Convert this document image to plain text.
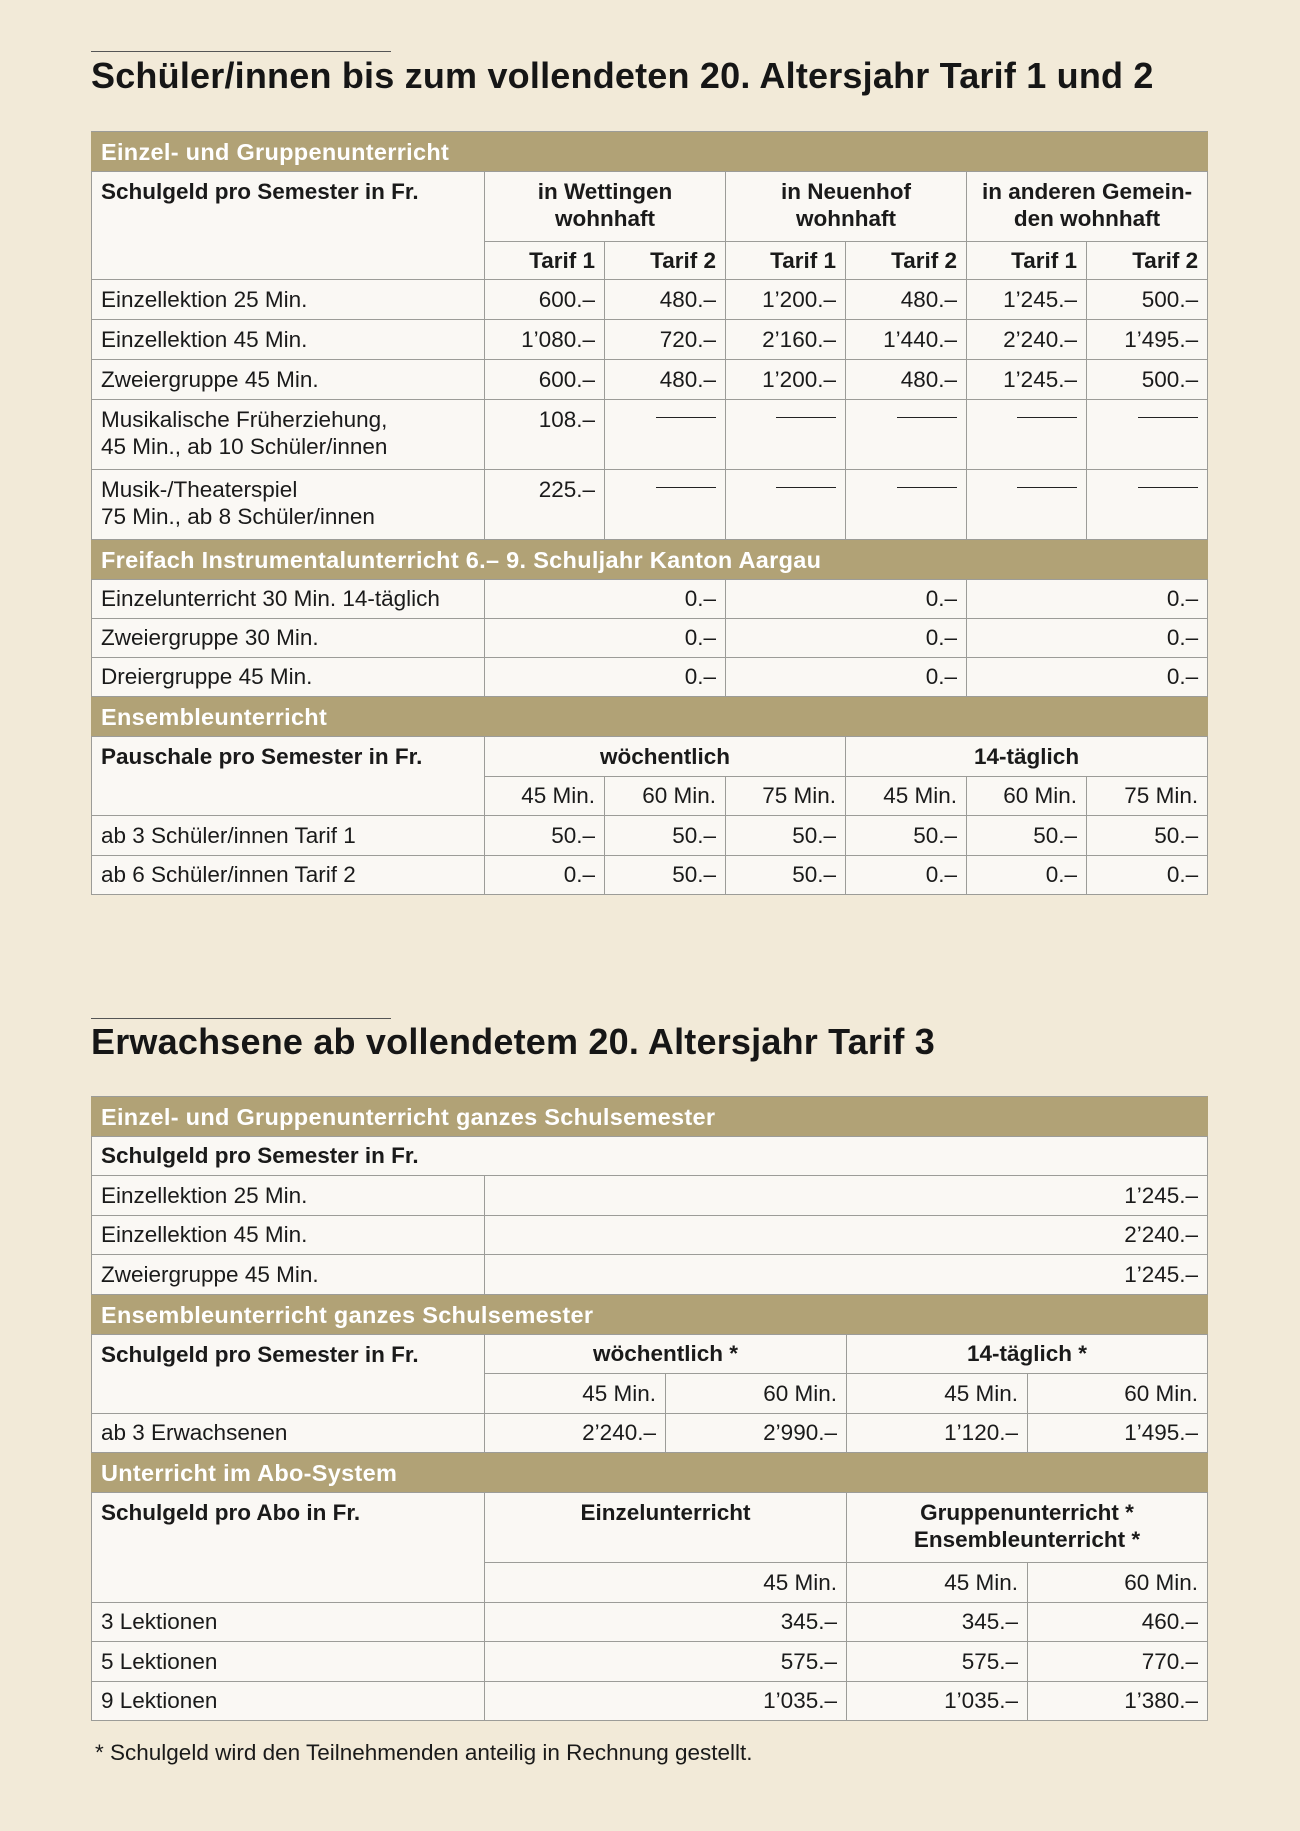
Schüler/innen bis zum vollendeten 20. Altersjahr Tarif 1 und 2
Einzel- und Gruppenunterricht						
Schulgeld pro Semester in Fr.	in Wettingen
wohnhaft		in Neuenhof
wohnhaft		in anderen Gemein-
den wohnhaft	
	Tarif 1	Tarif 2	Tarif 1	Tarif 2	Tarif 1	Tarif 2
Einzellektion 25 Min.	600.–	480.–	1’200.–	480.–	1’245.–	500.–
Einzellektion 45 Min.	1’080.–	720.–	2’160.–	1’440.–	2’240.–	1’495.–
Zweiergruppe 45 Min.	600.–	480.–	1’200.–	480.–	1’245.–	500.–
Musikalische Früherziehung,
45 Min., ab 10 Schüler/innen	108.–					
Musik-/Theaterspiel
75 Min., ab 8 Schüler/innen	225.–					
Freifach Instrumentalunterricht 6.– 9. Schuljahr Kanton Aargau						
Einzelunterricht 30 Min. 14-täglich	0.–		0.–		0.–	
Zweiergruppe 30 Min.	0.–		0.–		0.–	
Dreiergruppe 45 Min.	0.–		0.–		0.–	
Ensembleunterricht						
Pauschale pro Semester in Fr.	wöchentlich			14-täglich		
	45 Min.	60 Min.	75 Min.	45 Min.	60 Min.	75 Min.
ab 3 Schüler/innen Tarif 1	50.–	50.–	50.–	50.–	50.–	50.–
ab 6 Schüler/innen Tarif 2	0.–	50.–	50.–	0.–	0.–	0.–
Erwachsene ab vollendetem 20. Altersjahr Tarif 3
Einzel- und Gruppenunterricht ganzes Schulsemester				
Schulgeld pro Semester in Fr.				
Einzellektion 25 Min.	1’245.–			
Einzellektion 45 Min.	2’240.–			
Zweiergruppe 45 Min.	1’245.–			
Ensembleunterricht ganzes Schulsemester				
Schulgeld pro Semester in Fr.	wöchentlich *		14-täglich *	
	45 Min.	60 Min.	45 Min.	60 Min.
ab 3 Erwachsenen	2’240.–	2’990.–	1’120.–	1’495.–
Unterricht im Abo-System				
Schulgeld pro Abo in Fr.	Einzelunterricht		Gruppenunterricht *
Ensembleunterricht *	
	45 Min.		45 Min.	60 Min.
3 Lektionen	345.–		345.–	460.–
5 Lektionen	575.–		575.–	770.–
9 Lektionen	1’035.–		1’035.–	1’380.–

* Schulgeld wird den Teilnehmenden anteilig in Rechnung gestellt.
